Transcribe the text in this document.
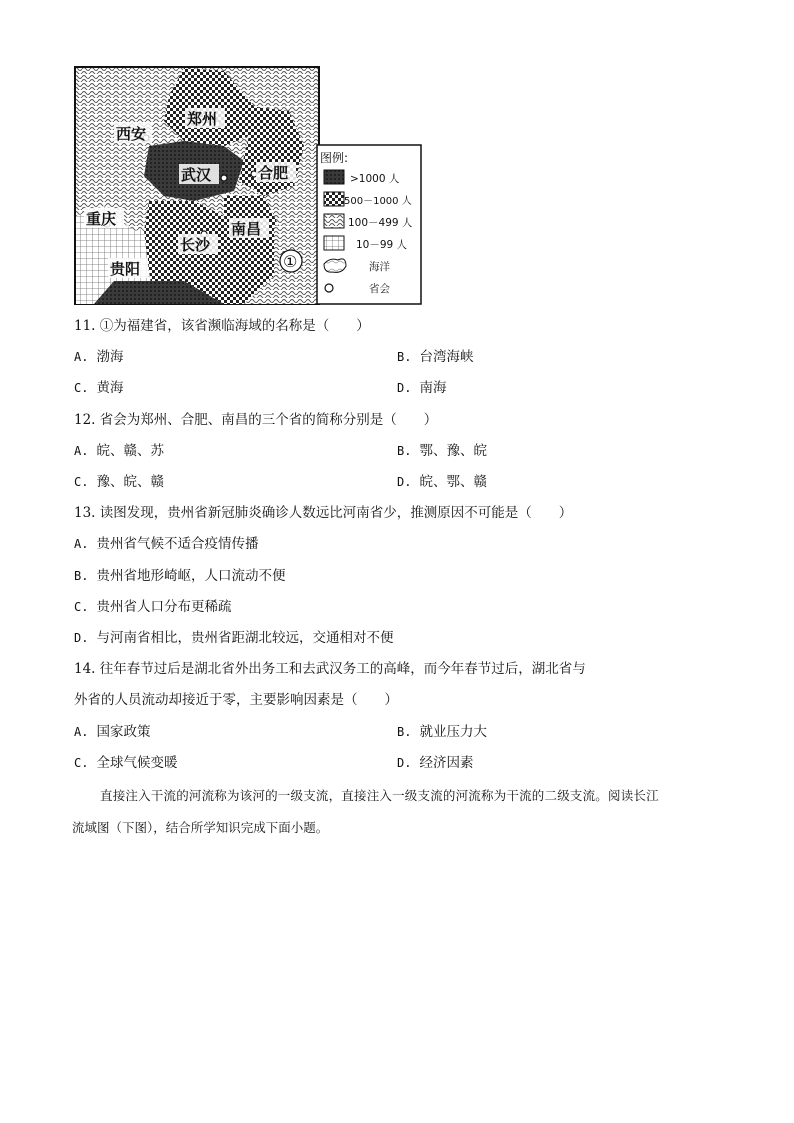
郑州
西安
武汉	合肥
重庆
南昌
长沙
贵阳	①
图例:
>1000 人
500－1000 人
100－499 人
10－99 人
海洋
省会
11. ①为福建省，该省濒临海域的名称是（　　）
A. 渤海	B. 台湾海峡
C. 黄海	D. 南海
12. 省会为郑州、合肥、南昌的三个省的简称分别是（　　）
A. 皖、赣、苏	B. 鄂、豫、皖
C. 豫、皖、赣	D. 皖、鄂、赣
13. 读图发现，贵州省新冠肺炎确诊人数远比河南省少，推测原因不可能是（　　）
A. 贵州省气候不适合疫情传播
B. 贵州省地形崎岖，人口流动不便
C. 贵州省人口分布更稀疏
D. 与河南省相比，贵州省距湖北较远，交通相对不便
14. 往年春节过后是湖北省外出务工和去武汉务工的高峰，而今年春节过后，湖北省与
外省的人员流动却接近于零，主要影响因素是（　　）
A. 国家政策	B. 就业压力大
C. 全球气候变暖	D. 经济因素
直接注入干流的河流称为该河的一级支流，直接注入一级支流的河流称为干流的二级支流。阅读长江
流域图（下图），结合所学知识完成下面小题。
